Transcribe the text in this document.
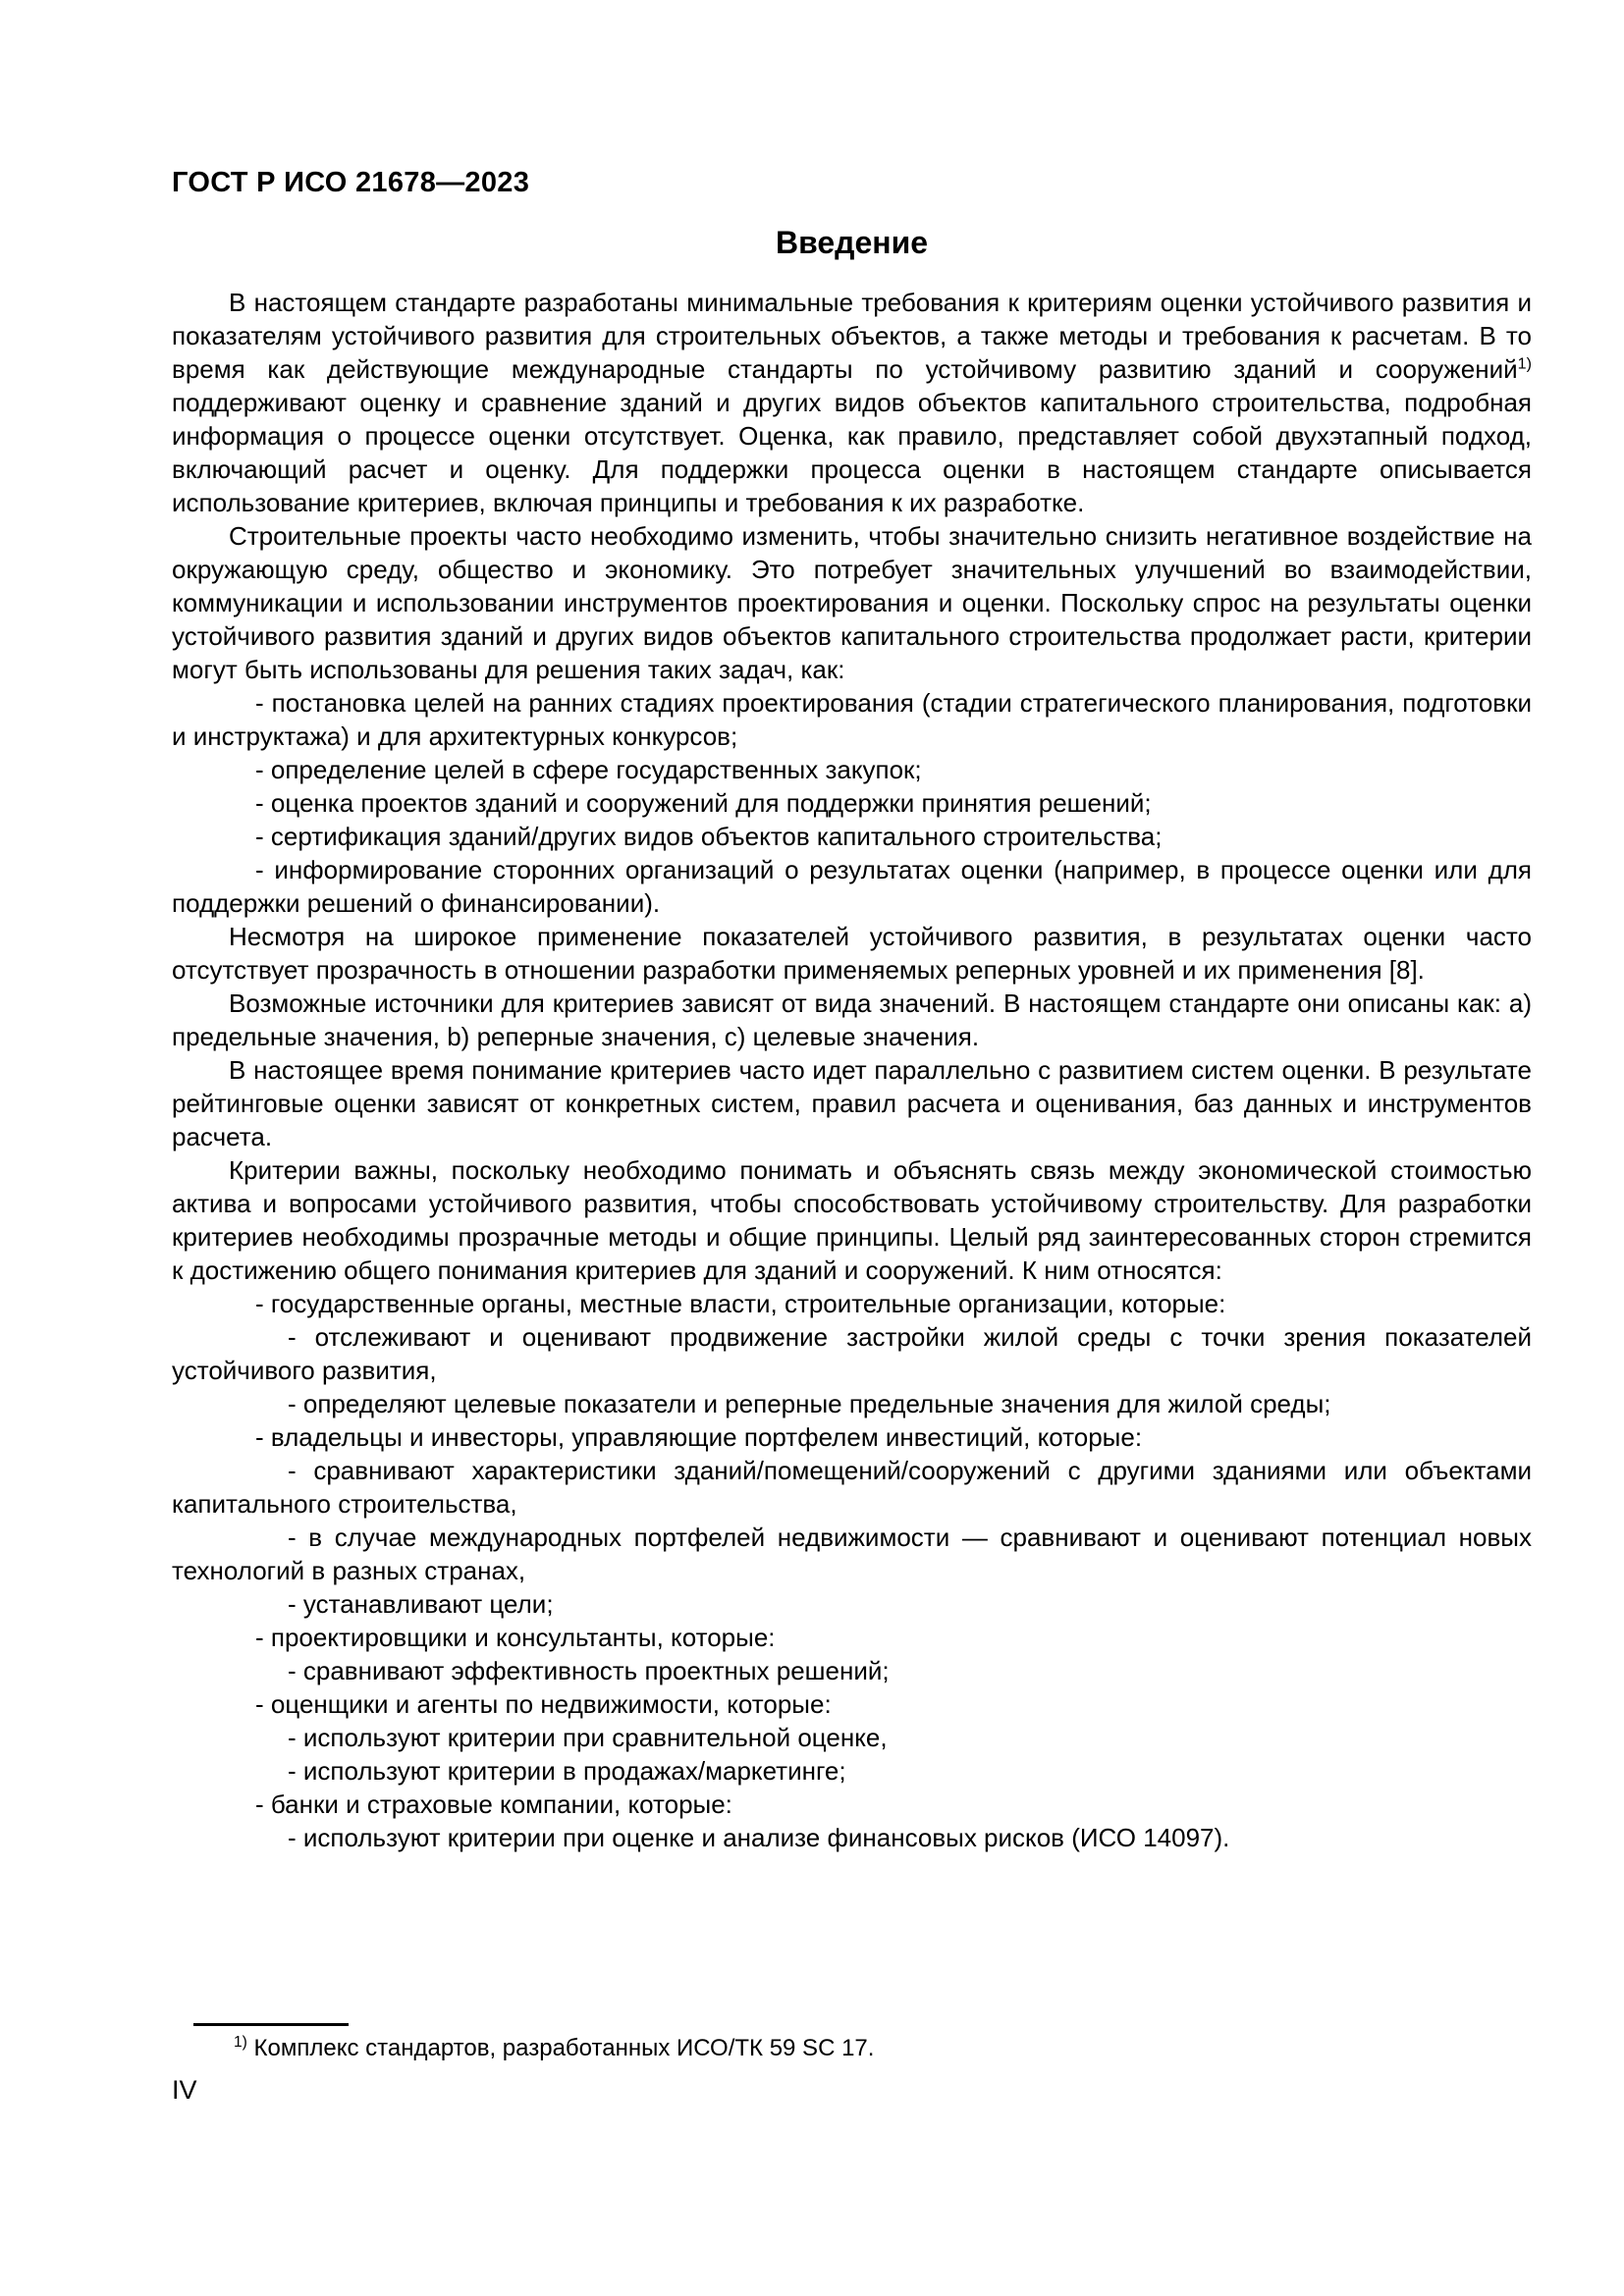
ГОСТ Р ИСО 21678—2023
Введение

В настоящем стандарте разработаны минимальные требования к критериям оценки устойчивого развития и показателям устойчивого развития для строительных объектов, а также методы и требования к расчетам. В то время как действующие международные стандарты по устойчивому развитию зданий и сооружений$^{1)}$ поддерживают оценку и сравнение зданий и других видов объектов капитального строительства, подробная информация о процессе оценки отсутствует. Оценка, как правило, представляет собой двухэтапный подход, включающий расчет и оценку. Для поддержки процесса оценки в настоящем стандарте описывается использование критериев, включая принципы и требования к их разработке.

Строительные проекты часто необходимо изменить, чтобы значительно снизить негативное воздействие на окружающую среду, общество и экономику. Это потребует значительных улучшений во взаимодействии, коммуникации и использовании инструментов проектирования и оценки. Поскольку спрос на результаты оценки устойчивого развития зданий и других видов объектов капитального строительства продолжает расти, критерии могут быть использованы для решения таких задач, как:

- постановка целей на ранних стадиях проектирования (стадии стратегического планирования, подготовки и инструктажа) и для архитектурных конкурсов;

- определение целей в сфере государственных закупок;

- оценка проектов зданий и сооружений для поддержки принятия решений;

- сертификация зданий/других видов объектов капитального строительства;

- информирование сторонних организаций о результатах оценки (например, в процессе оценки или для поддержки решений о финансировании).

Несмотря на широкое применение показателей устойчивого развития, в результатах оценки часто отсутствует прозрачность в отношении разработки применяемых реперных уровней и их применения [8].

Возможные источники для критериев зависят от вида значений. В настоящем стандарте они описаны как: a) предельные значения, b) реперные значения, c) целевые значения.

В настоящее время понимание критериев часто идет параллельно с развитием систем оценки. В результате рейтинговые оценки зависят от конкретных систем, правил расчета и оценивания, баз данных и инструментов расчета.

Критерии важны, поскольку необходимо понимать и объяснять связь между экономической стоимостью актива и вопросами устойчивого развития, чтобы способствовать устойчивому строительству. Для разработки критериев необходимы прозрачные методы и общие принципы. Целый ряд заинтересованных сторон стремится к достижению общего понимания критериев для зданий и сооружений. К ним относятся:

- государственные органы, местные власти, строительные организации, которые:

- отслеживают и оценивают продвижение застройки жилой среды с точки зрения показателей устойчивого развития,

- определяют целевые показатели и реперные предельные значения для жилой среды;

- владельцы и инвесторы, управляющие портфелем инвестиций, которые:

- сравнивают характеристики зданий/помещений/сооружений с другими зданиями или объектами капитального строительства,

- в случае международных портфелей недвижимости — сравнивают и оценивают потенциал новых технологий в разных странах,

- устанавливают цели;

- проектировщики и консультанты, которые:

- сравнивают эффективность проектных решений;

- оценщики и агенты по недвижимости, которые:

- используют критерии при сравнительной оценке,

- используют критерии в продажах/маркетинге;

- банки и страховые компании, которые:

- используют критерии при оценке и анализе финансовых рисков (ИСО 14097).

$^{1)}$ Комплекс стандартов, разработанных ИСО/ТК 59 SC 17.

IV
